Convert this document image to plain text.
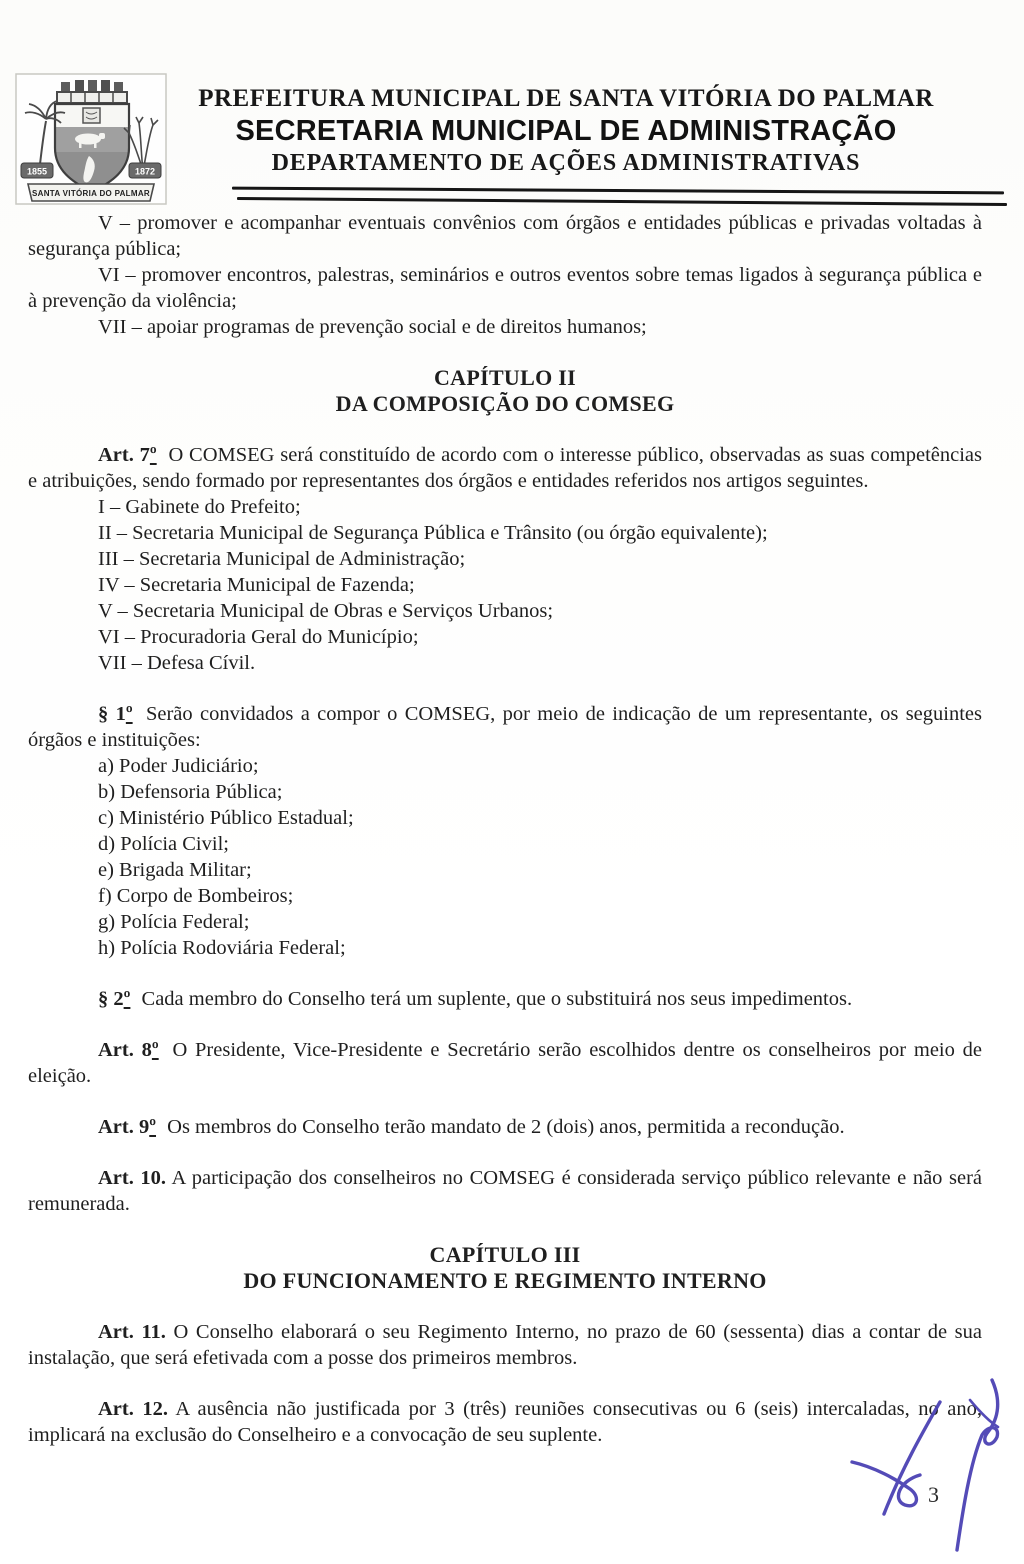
1855	1872
SANTA VITÓRIA DO PALMAR
PREFEITURA MUNICIPAL DE SANTA VITÓRIA DO PALMAR
SECRETARIA MUNICIPAL DE ADMINISTRAÇÃO
DEPARTAMENTO DE AÇÕES ADMINISTRATIVAS

V – promover e acompanhar eventuais convênios com órgãos e entidades públicas e privadas voltadas à segurança pública;

VI – promover encontros, palestras, seminários e outros eventos sobre temas ligados à segurança pública e à prevenção da violência;

VII – apoiar programas de prevenção social e de direitos humanos;

CAPÍTULO II

DA COMPOSIÇÃO DO COMSEG

Art. 7º O COMSEG será constituído de acordo com o interesse público, observadas as suas competências e atribuições, sendo formado por representantes dos órgãos e entidades referidos nos artigos seguintes.

I – Gabinete do Prefeito;

II – Secretaria Municipal de Segurança Pública e Trânsito (ou órgão equivalente);

III – Secretaria Municipal de Administração;

IV – Secretaria Municipal de Fazenda;

V – Secretaria Municipal de Obras e Serviços Urbanos;

VI – Procuradoria Geral do Município;

VII – Defesa Cívil.

§ 1º Serão convidados a compor o COMSEG, por meio de indicação de um representante, os seguintes órgãos e instituições:

a) Poder Judiciário;

b) Defensoria Pública;

c) Ministério Público Estadual;

d) Polícia Civil;

e) Brigada Militar;

f) Corpo de Bombeiros;

g) Polícia Federal;

h) Polícia Rodoviária Federal;

§ 2º Cada membro do Conselho terá um suplente, que o substituirá nos seus impedimentos.

Art. 8º O Presidente, Vice-Presidente e Secretário serão escolhidos dentre os conselheiros por meio de eleição.

Art. 9º Os membros do Conselho terão mandato de 2 (dois) anos, permitida a recondução.

Art. 10. A participação dos conselheiros no COMSEG é considerada serviço público relevante e não será remunerada.

CAPÍTULO III

DO FUNCIONAMENTO E REGIMENTO INTERNO

Art. 11. O Conselho elaborará o seu Regimento Interno, no prazo de 60 (sessenta) dias a contar de sua instalação, que será efetivada com a posse dos primeiros membros.

Art. 12. A ausência não justificada por 3 (três) reuniões consecutivas ou 6 (seis) intercaladas, no ano, implicará na exclusão do Conselheiro e a convocação de seu suplente.

3
